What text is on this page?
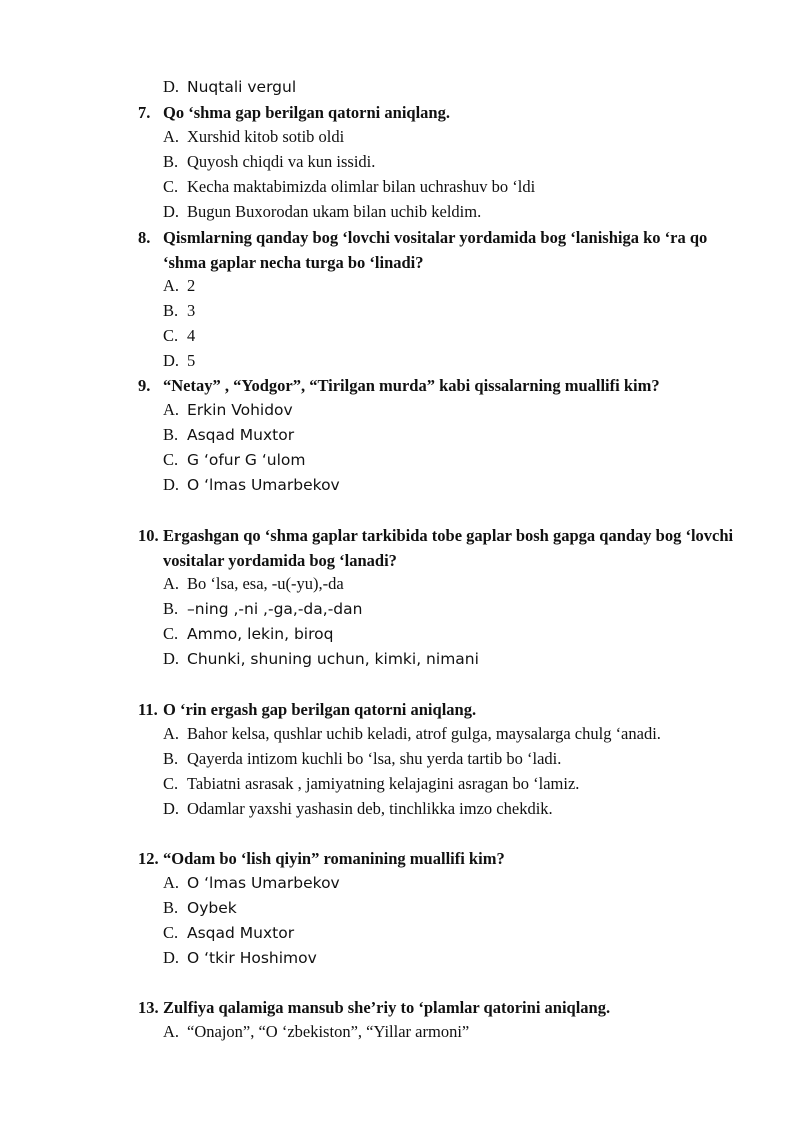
D. Nuqtali vergul
7. Qo ‘shma gap berilgan qatorni aniqlang.
A. Xurshid kitob sotib oldi
B. Quyosh chiqdi va kun issidi.
C. Kecha maktabimizda olimlar bilan uchrashuv bo ‘ldi
D. Bugun Buxorodan ukam bilan uchib keldim.
8. Qismlarning qanday bog ‘lovchi vositalar yordamida bog ‘lanishiga ko ‘ra qo ‘shma gaplar necha turga bo ‘linadi?
A. 2
B. 3
C. 4
D. 5
9. “Netay” , “Yodgor”, “Tirilgan murda” kabi qissalarning muallifi kim?
A. Erkin Vohidov
B. Asqad Muxtor
C. G ‘ofur G ‘ulom
D. O ‘lmas Umarbekov
10. Ergashgan qo ‘shma gaplar tarkibida tobe gaplar bosh gapga qanday bog ‘lovchi vositalar yordamida bog ‘lanadi?
A. Bo ‘lsa, esa, -u(-yu),-da
B. –ning ,-ni ,-ga,-da,-dan
C. Ammo, lekin, biroq
D. Chunki, shuning uchun, kimki, nimani
11. O ‘rin ergash gap berilgan qatorni aniqlang.
A. Bahor kelsa, qushlar uchib keladi, atrof gulga, maysalarga chulg ‘anadi.
B. Qayerda intizom kuchli bo ‘lsa, shu yerda tartib bo ‘ladi.
C. Tabiatni asrasak , jamiyatning kelajagini asragan bo ‘lamiz.
D. Odamlar yaxshi yashasin deb, tinchlikka imzo chekdik.
12. “Odam bo ‘lish qiyin” romanining muallifi kim?
A. O ‘lmas Umarbekov
B. Oybek
C. Asqad Muxtor
D. O ‘tkir Hoshimov
13. Zulfiya qalamiga mansub she’riy to ‘plamlar qatorini aniqlang.
A. “Onajon”, “O ‘zbekiston”, “Yillar armoni”
